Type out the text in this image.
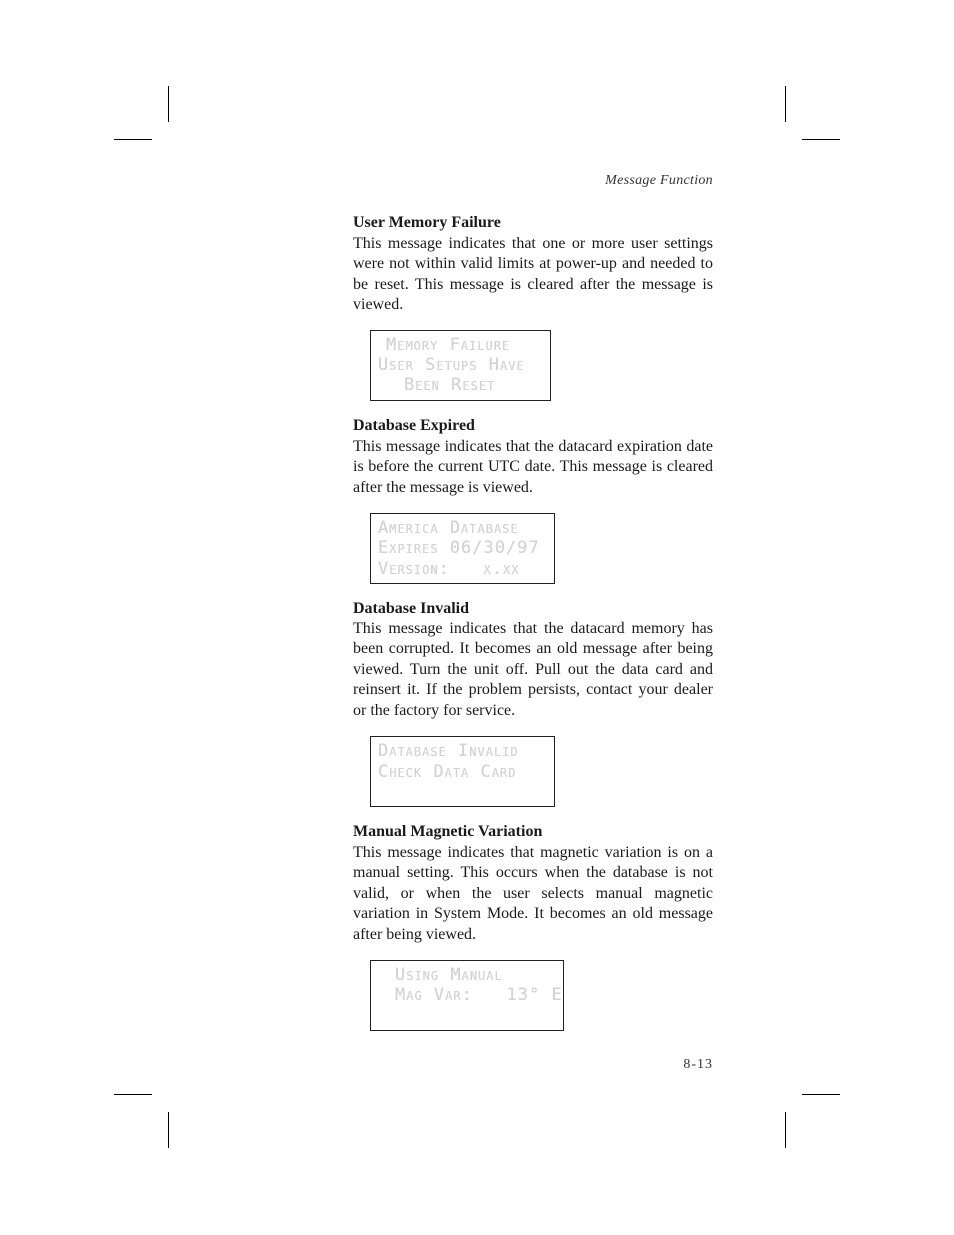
Message Function
User Memory Failure
This message indicates that one or more user settings were not within valid limits at power-up and needed to be reset. This message is cleared after the message is viewed.
Memory Failure
User Setups Have
Been Reset
Database Expired
This message indicates that the datacard expiration date is before the current UTC date. This message is cleared after the message is viewed.
America Database
Expires 06/30/97
Version:   x.xx
Database Invalid
This message indicates that the datacard memory has been corrupted. It becomes an old message after being viewed. Turn the unit off. Pull out the data card and reinsert it. If the problem persists, contact your dealer or the factory for service.
Database Invalid
Check Data Card
Manual Magnetic Variation
This message indicates that magnetic variation is on a manual setting. This occurs when the database is not valid, or when the user selects manual magnetic variation in System Mode. It becomes an old message after being viewed.
Using Manual
Mag Var:   13° E
8-13
